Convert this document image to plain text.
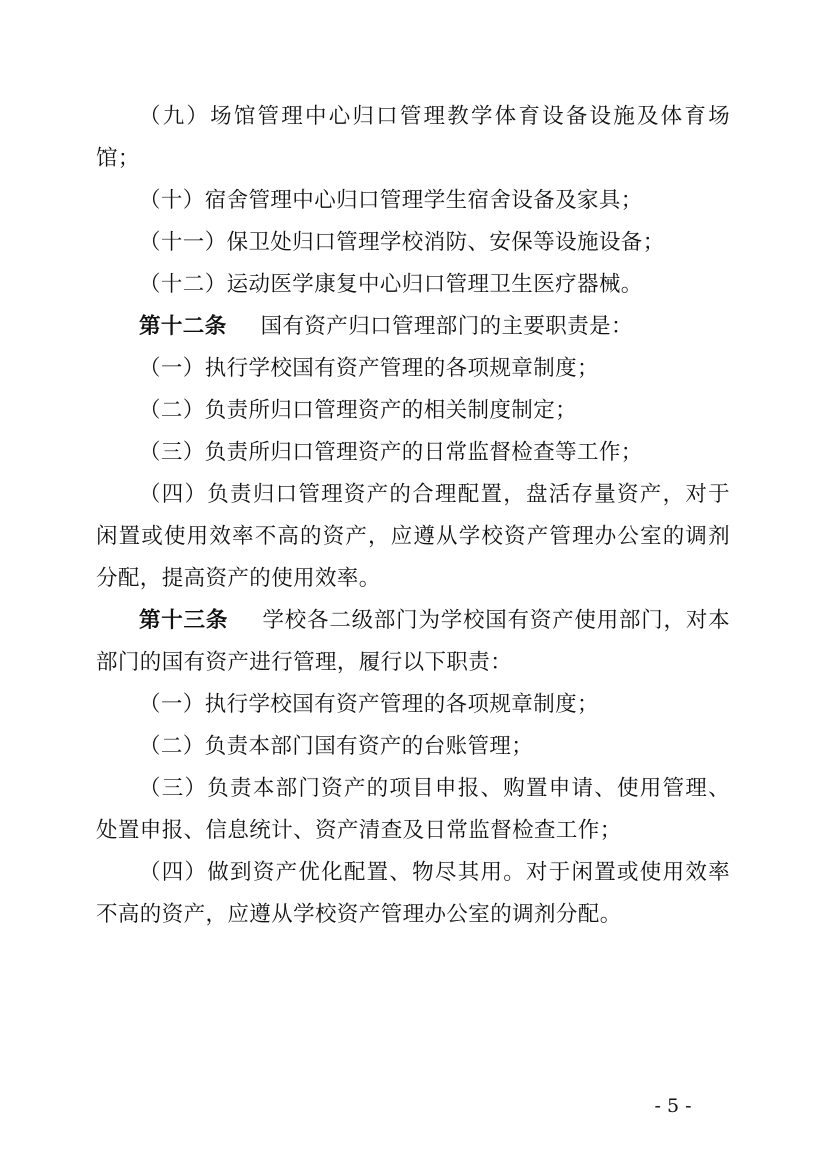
（九）场馆管理中心归口管理教学体育设备设施及体育场馆；

（十）宿舍管理中心归口管理学生宿舍设备及家具；

（十一）保卫处归口管理学校消防、安保等设施设备；

（十二）运动医学康复中心归口管理卫生医疗器械。

第十二条 国有资产归口管理部门的主要职责是：

（一）执行学校国有资产管理的各项规章制度；

（二）负责所归口管理资产的相关制度制定；

（三）负责所归口管理资产的日常监督检查等工作；

（四）负责归口管理资产的合理配置，盘活存量资产，对于闲置或使用效率不高的资产，应遵从学校资产管理办公室的调剂分配，提高资产的使用效率。

第十三条 学校各二级部门为学校国有资产使用部门，对本部门的国有资产进行管理，履行以下职责：

（一）执行学校国有资产管理的各项规章制度；

（二）负责本部门国有资产的台账管理；

（三）负责本部门资产的项目申报、购置申请、使用管理、处置申报、信息统计、资产清查及日常监督检查工作；

（四）做到资产优化配置、物尽其用。对于闲置或使用效率不高的资产，应遵从学校资产管理办公室的调剂分配。

- 5 -
